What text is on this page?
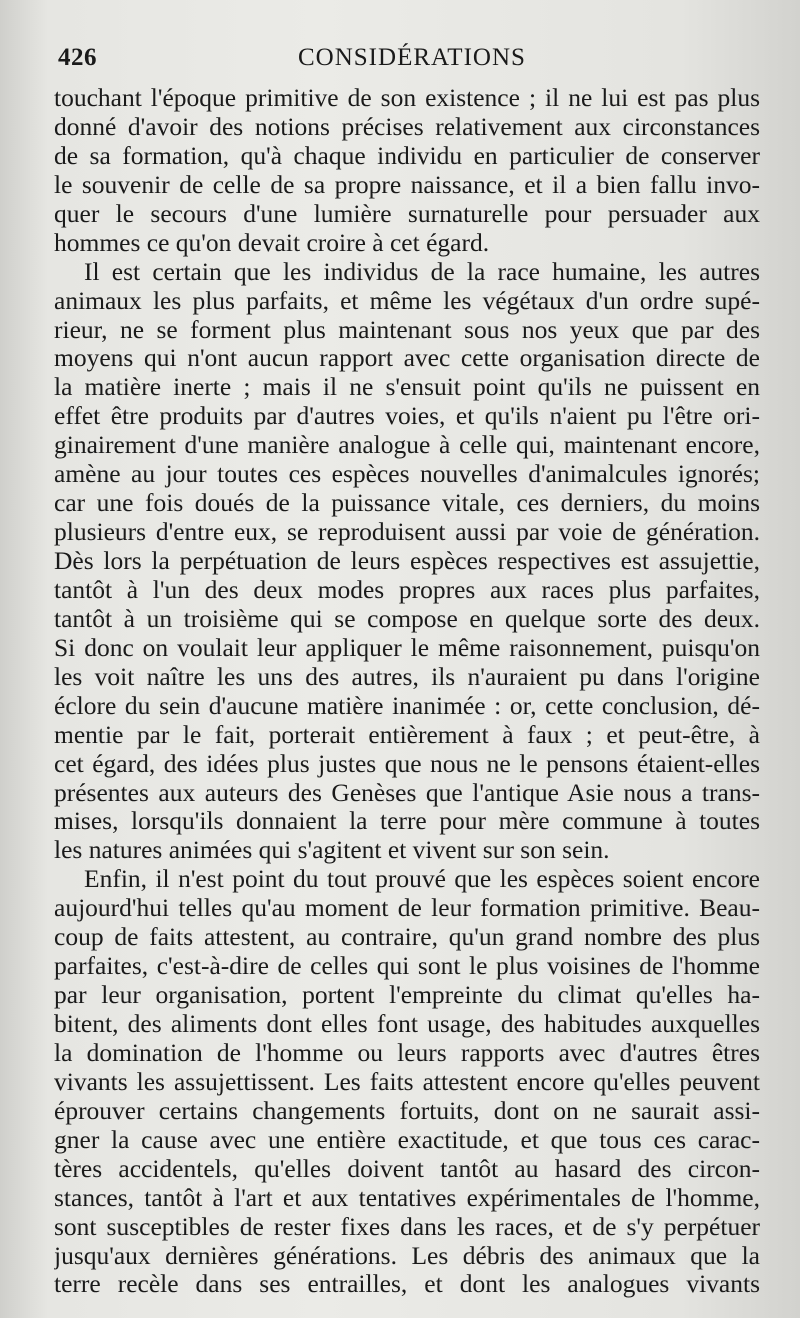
426	CONSIDÉRATIONS
touchant l'époque primitive de son existence ; il ne lui est pas plus
donné d'avoir des notions précises relativement aux circonstances
de sa formation, qu'à chaque individu en particulier de conserver
le souvenir de celle de sa propre naissance, et il a bien fallu invo-
quer le secours d'une lumière surnaturelle pour persuader aux
hommes ce qu'on devait croire à cet égard.
Il est certain que les individus de la race humaine, les autres
animaux les plus parfaits, et même les végétaux d'un ordre supé-
rieur, ne se forment plus maintenant sous nos yeux que par des
moyens qui n'ont aucun rapport avec cette organisation directe de
la matière inerte ; mais il ne s'ensuit point qu'ils ne puissent en
effet être produits par d'autres voies, et qu'ils n'aient pu l'être ori-
ginairement d'une manière analogue à celle qui, maintenant encore,
amène au jour toutes ces espèces nouvelles d'animalcules ignorés;
car une fois doués de la puissance vitale, ces derniers, du moins
plusieurs d'entre eux, se reproduisent aussi par voie de génération.
Dès lors la perpétuation de leurs espèces respectives est assujettie,
tantôt à l'un des deux modes propres aux races plus parfaites,
tantôt à un troisième qui se compose en quelque sorte des deux.
Si donc on voulait leur appliquer le même raisonnement, puisqu'on
les voit naître les uns des autres, ils n'auraient pu dans l'origine
éclore du sein d'aucune matière inanimée : or, cette conclusion, dé-
mentie par le fait, porterait entièrement à faux ; et peut-être, à
cet égard, des idées plus justes que nous ne le pensons étaient-elles
présentes aux auteurs des Genèses que l'antique Asie nous a trans-
mises, lorsqu'ils donnaient la terre pour mère commune à toutes
les natures animées qui s'agitent et vivent sur son sein.
Enfin, il n'est point du tout prouvé que les espèces soient encore
aujourd'hui telles qu'au moment de leur formation primitive. Beau-
coup de faits attestent, au contraire, qu'un grand nombre des plus
parfaites, c'est-à-dire de celles qui sont le plus voisines de l'homme
par leur organisation, portent l'empreinte du climat qu'elles ha-
bitent, des aliments dont elles font usage, des habitudes auxquelles
la domination de l'homme ou leurs rapports avec d'autres êtres
vivants les assujettissent. Les faits attestent encore qu'elles peuvent
éprouver certains changements fortuits, dont on ne saurait assi-
gner la cause avec une entière exactitude, et que tous ces carac-
tères accidentels, qu'elles doivent tantôt au hasard des circon-
stances, tantôt à l'art et aux tentatives expérimentales de l'homme,
sont susceptibles de rester fixes dans les races, et de s'y perpétuer
jusqu'aux dernières générations. Les débris des animaux que la
terre recèle dans ses entrailles, et dont les analogues vivants
